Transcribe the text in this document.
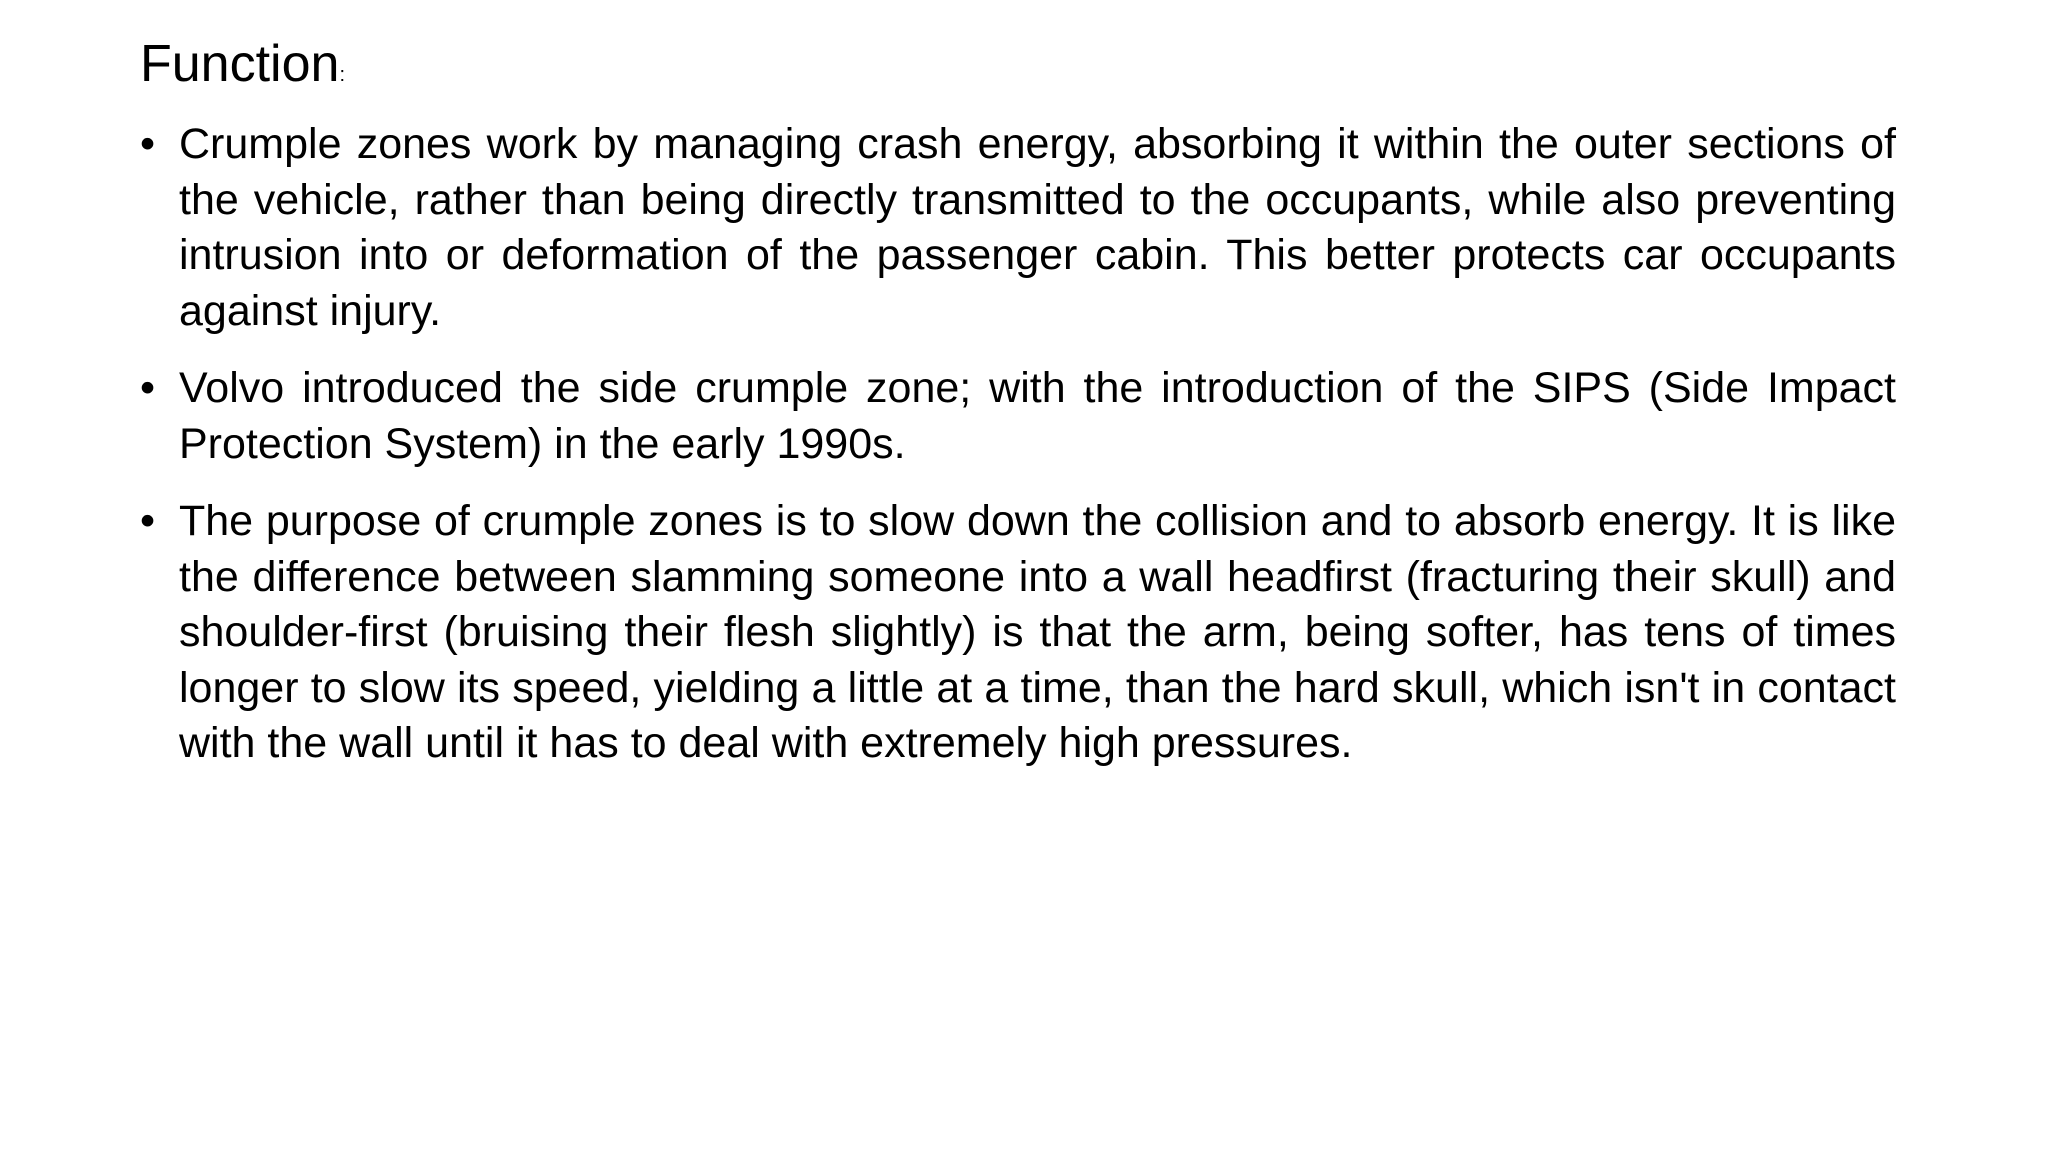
Function:
• Crumple zones work by managing crash energy, absorbing it within the outer sections of the vehicle, rather than being directly transmitted to the occupants, while also preventing intrusion into or deformation of the passenger cabin. This better protects car occupants against injury.
• Volvo introduced the side crumple zone; with the introduction of the SIPS (Side Impact Protection System) in the early 1990s.
• The purpose of crumple zones is to slow down the collision and to absorb energy. It is like the difference between slamming someone into a wall headfirst (fracturing their skull) and shoulder-first (bruising their flesh slightly) is that the arm, being softer, has tens of times longer to slow its speed, yielding a little at a time, than the hard skull, which isn't in contact with the wall until it has to deal with extremely high pressures.
